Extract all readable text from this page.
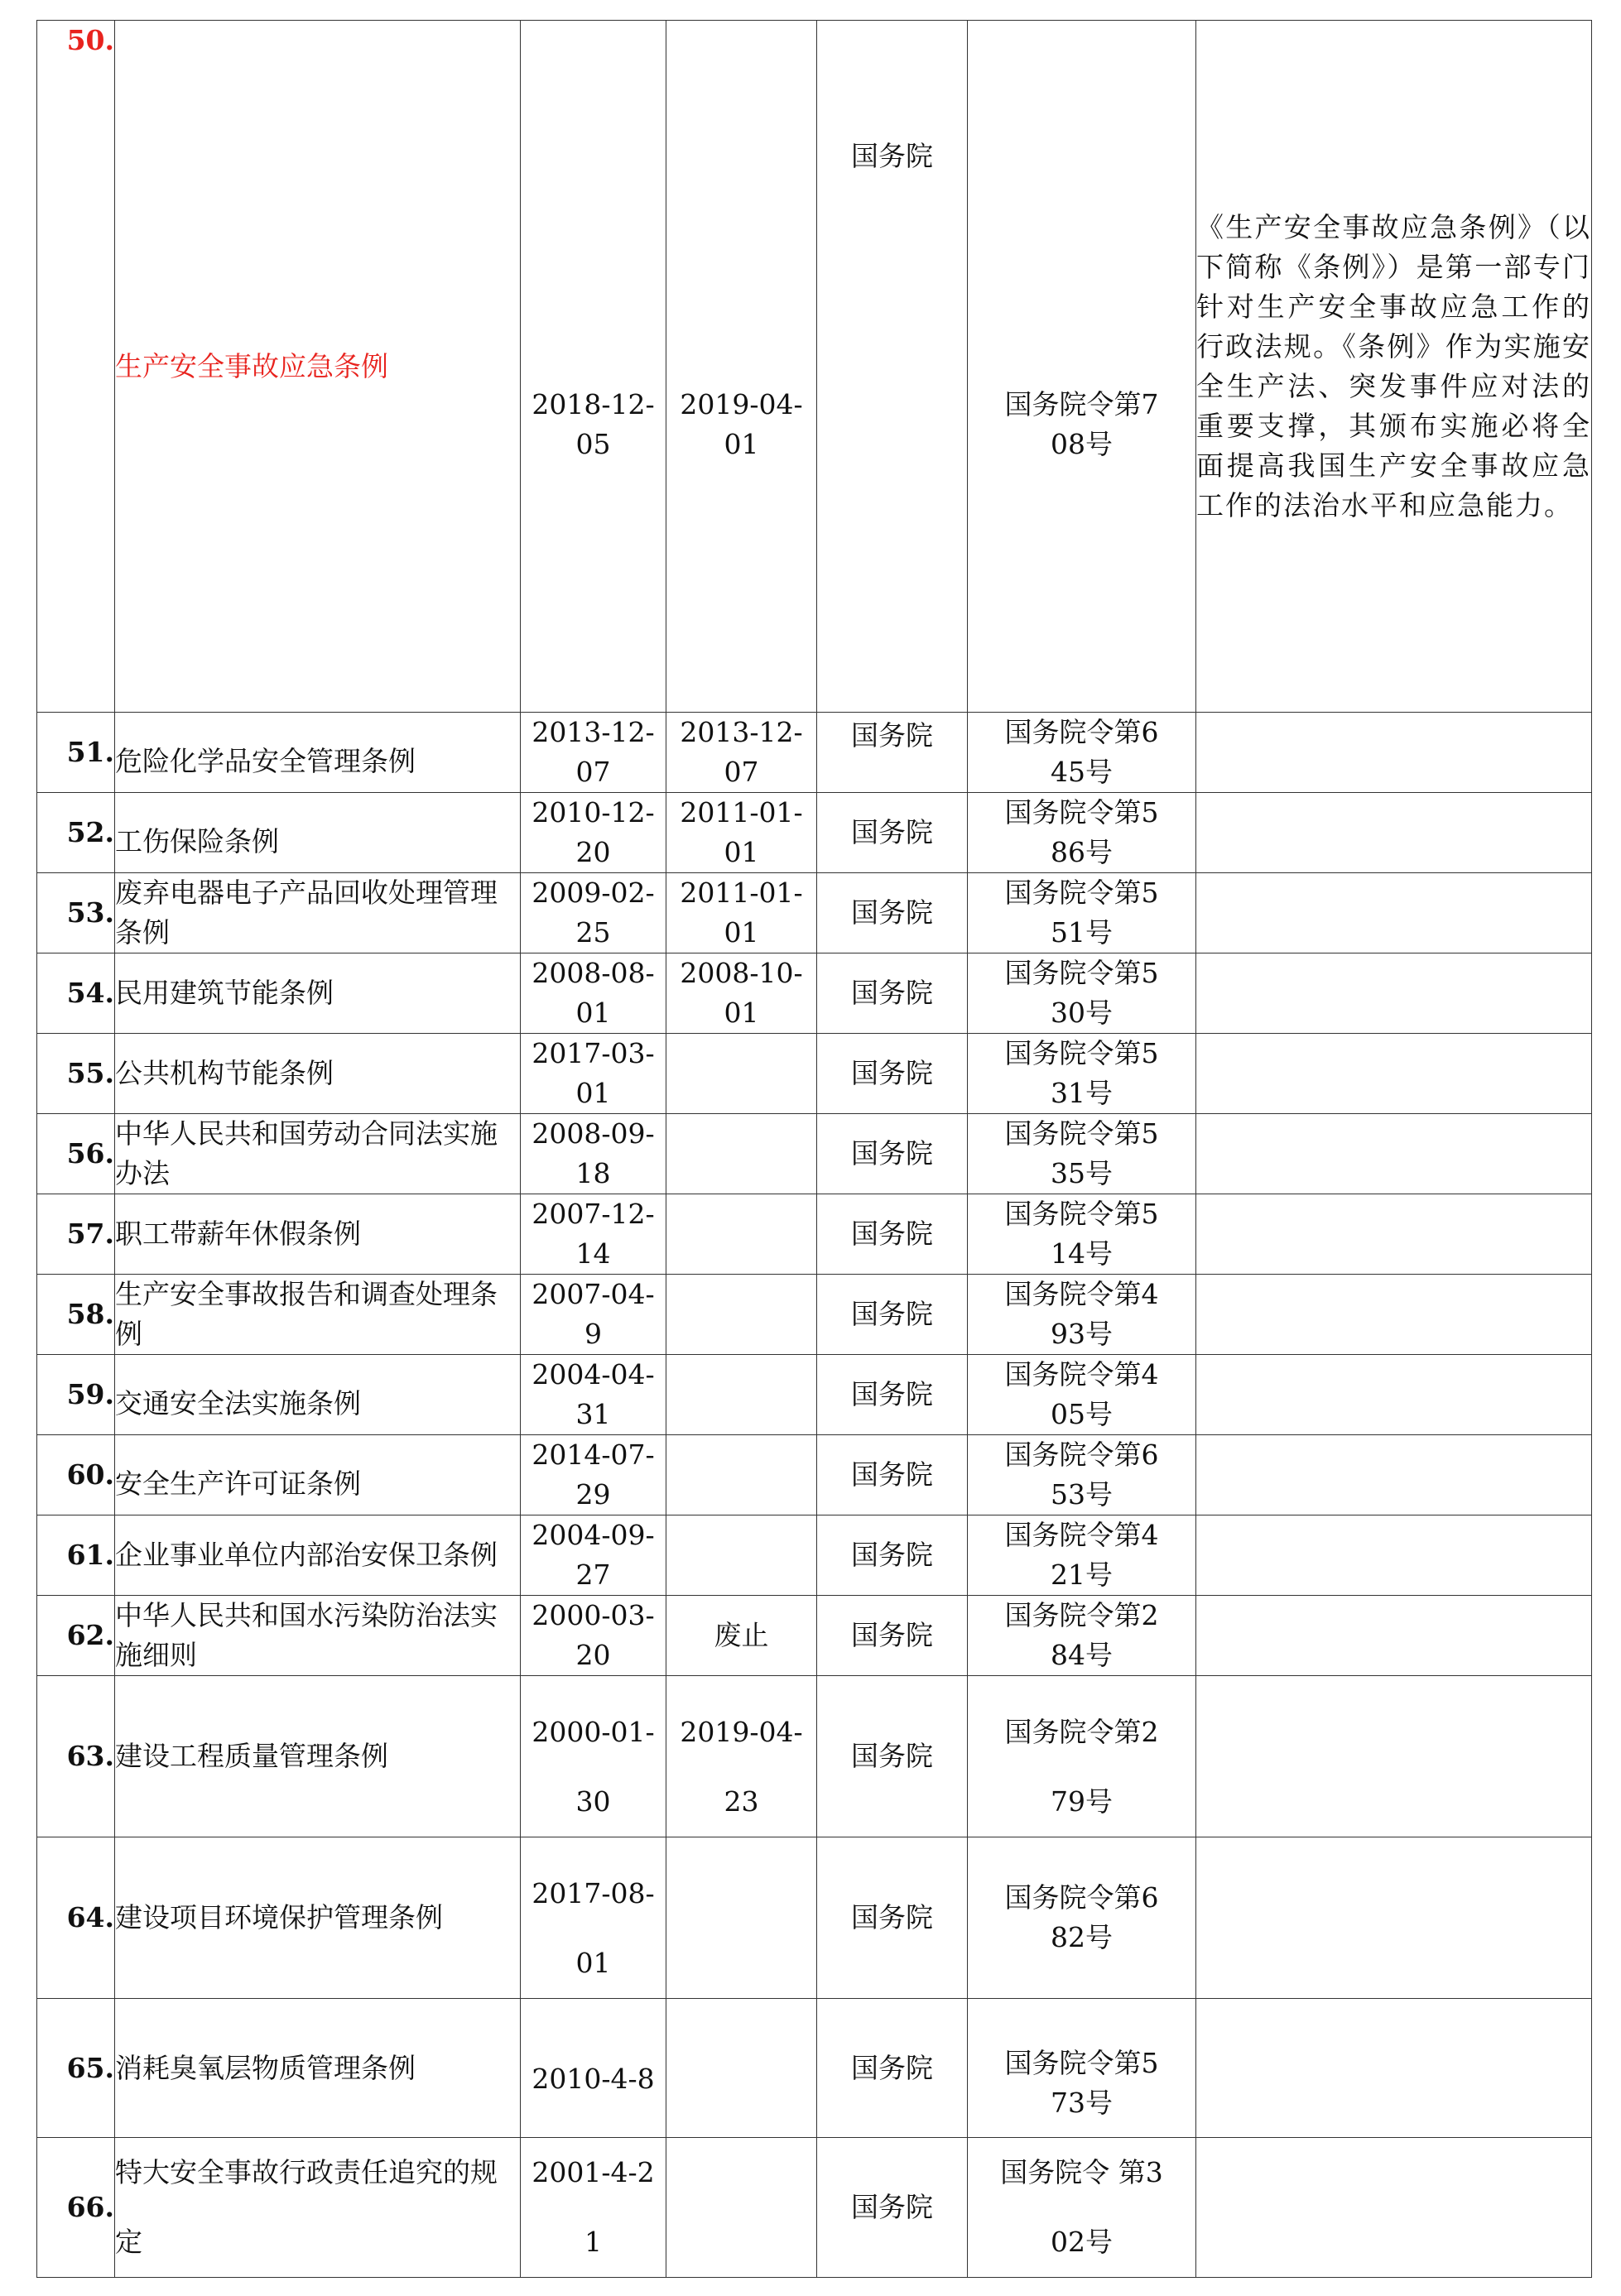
50.	生产安全事故应急条例	2018-12-05	2019-04-01	国务院	国务院令第708号	《生产安全事故应急条例》（以下简称《条例》）是第一部专门针对生产安全事故应急工作的行政法规。《条例》作为实施安全生产法、突发事件应对法的重要支撑，其颁布实施必将全面提高我国生产安全事故应急工作的法治水平和应急能力。
51.	危险化学品安全管理条例	2013-12-07	2013-12-07	国务院	国务院令第645号	

52.	工伤保险条例	2010-12-20	2011-01-01	国务院	国务院令第586号	

53.	废弃电器电子产品回收处理管理条例	2009-02-25	2011-01-01	国务院	国务院令第551号	

54.	民用建筑节能条例	2008-08-01	2008-10-01	国务院	国务院令第530号	

55.	公共机构节能条例	2017-03-01		国务院	国务院令第531号	

56.	中华人民共和国劳动合同法实施办法	2008-09-18		国务院	国务院令第535号	

57.	职工带薪年休假条例	2007-12-14		国务院	国务院令第514号	

58.	生产安全事故报告和调查处理条例	2007-04-9		国务院	国务院令第493号	

59.	交通安全法实施条例	2004-04-31		国务院	国务院令第405号	

60.	安全生产许可证条例	2014-07-29		国务院	国务院令第653号	

61.	企业事业单位内部治安保卫条例	2004-09-27		国务院	国务院令第421号	

62.	中华人民共和国水污染防治法实施细则	2000-03-20	废止	国务院	国务院令第284号	

63.	建设工程质量管理条例	2000-01-30	2019-04-23	国务院	国务院令第279号	

64.	建设项目环境保护管理条例	2017-08-01		国务院	国务院令第682号	

65.	消耗臭氧层物质管理条例	2010-4-8		国务院	国务院令第573号	

66.	特大安全事故行政责任追究的规定	2001-4-21		国务院	国务院令 第302号	
